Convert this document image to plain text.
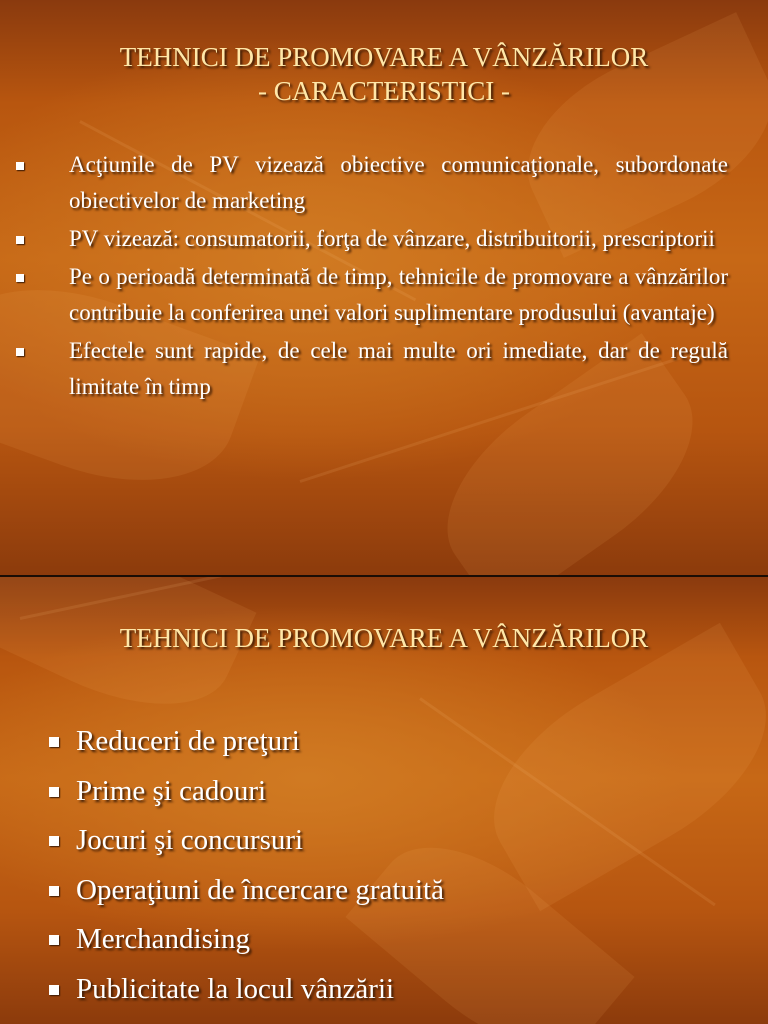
TEHNICI DE PROMOVARE A VÂNZĂRILOR
- CARACTERISTICI -
Acţiunile de PV vizează obiective comunicaţionale, subordonate obiectivelor de marketing
PV vizează: consumatorii, forţa de vânzare, distribuitorii, prescriptorii
Pe o perioadă determinată de timp, tehnicile de promovare a vânzărilor contribuie la conferirea unei valori suplimentare produsului (avantaje)
Efectele sunt rapide, de cele mai multe ori imediate, dar de regulă limitate în timp
TEHNICI DE PROMOVARE A VÂNZĂRILOR
Reduceri de preţuri
Prime şi cadouri
Jocuri şi concursuri
Operaţiuni de încercare gratuită
Merchandising
Publicitate la locul vânzării
